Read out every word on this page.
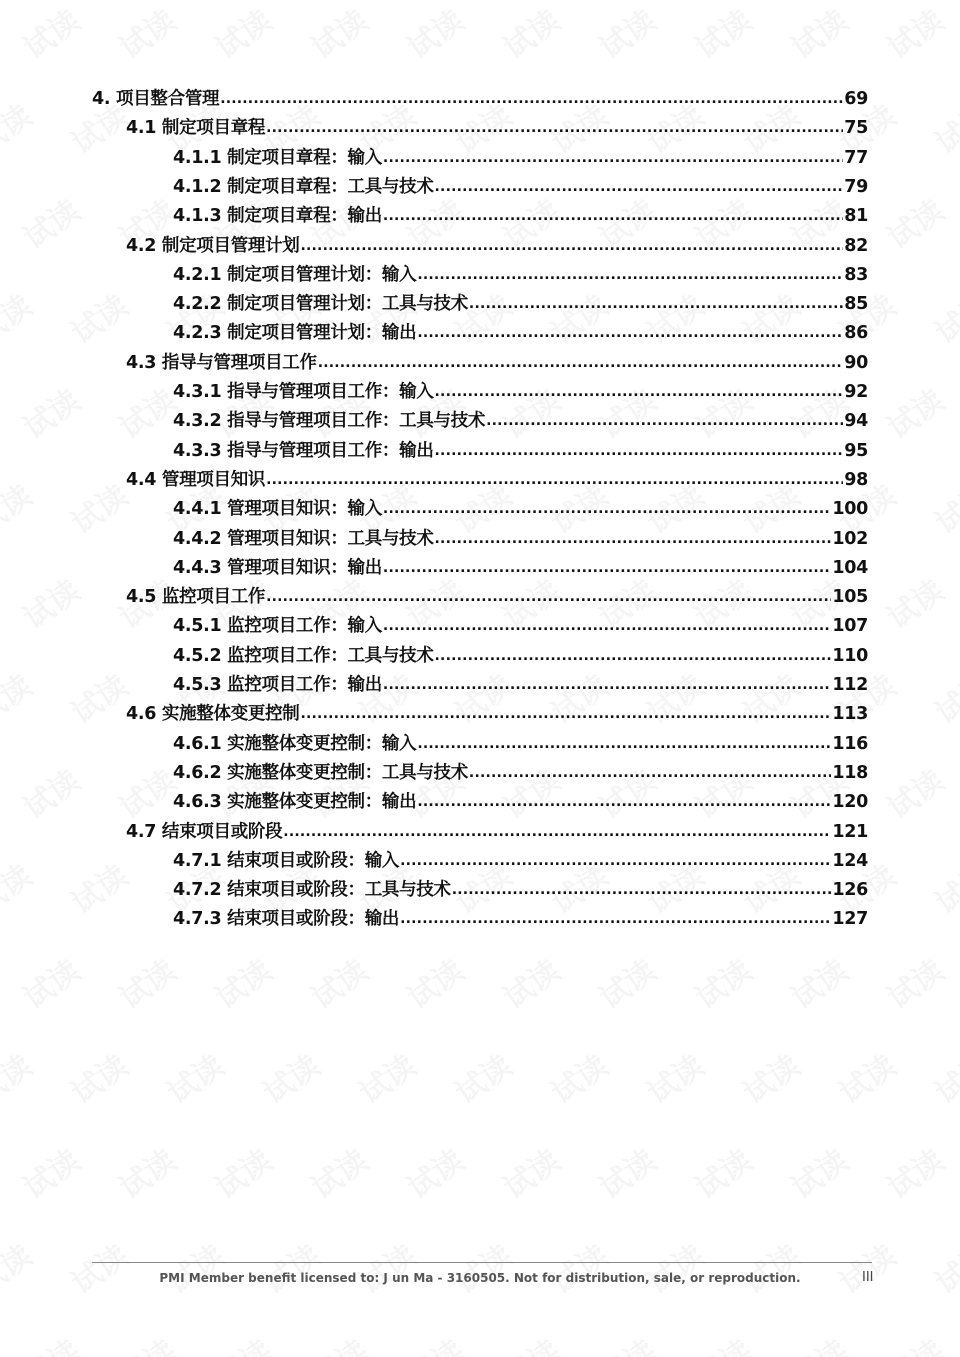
4. 项目整合管理 .....	69
4.1 制定项目章程 .....	75
4.1.1 制定项目章程：输入 .....	77
4.1.2 制定项目章程：工具与技术 .....	79
4.1.3 制定项目章程：输出 .....	81
4.2 制定项目管理计划 .....	82
4.2.1 制定项目管理计划：输入 .....	83
4.2.2 制定项目管理计划：工具与技术 .....	85
4.2.3 制定项目管理计划：输出 .....	86
4.3 指导与管理项目工作 .....	90
4.3.1 指导与管理项目工作：输入 .....	92
4.3.2 指导与管理项目工作：工具与技术 .....	94
4.3.3 指导与管理项目工作：输出 .....	95
4.4 管理项目知识 .....	98
4.4.1 管理项目知识：输入 .....	100
4.4.2 管理项目知识：工具与技术 .....	102
4.4.3 管理项目知识：输出 .....	104
4.5 监控项目工作 .....	105
4.5.1 监控项目工作：输入 .....	107
4.5.2 监控项目工作：工具与技术 .....	110
4.5.3 监控项目工作：输出 .....	112
4.6 实施整体变更控制 .....	113
4.6.1 实施整体变更控制：输入 .....	116
4.6.2 实施整体变更控制：工具与技术 .....	118
4.6.3 实施整体变更控制：输出 .....	120
4.7 结束项目或阶段 .....	121
4.7.1 结束项目或阶段：输入 .....	124
4.7.2 结束项目或阶段：工具与技术 .....	126
4.7.3 结束项目或阶段：输出 .....	127
PMI Member benefit licensed to: J un Ma - 3160505. Not for distribution, sale, or reproduction.	III
